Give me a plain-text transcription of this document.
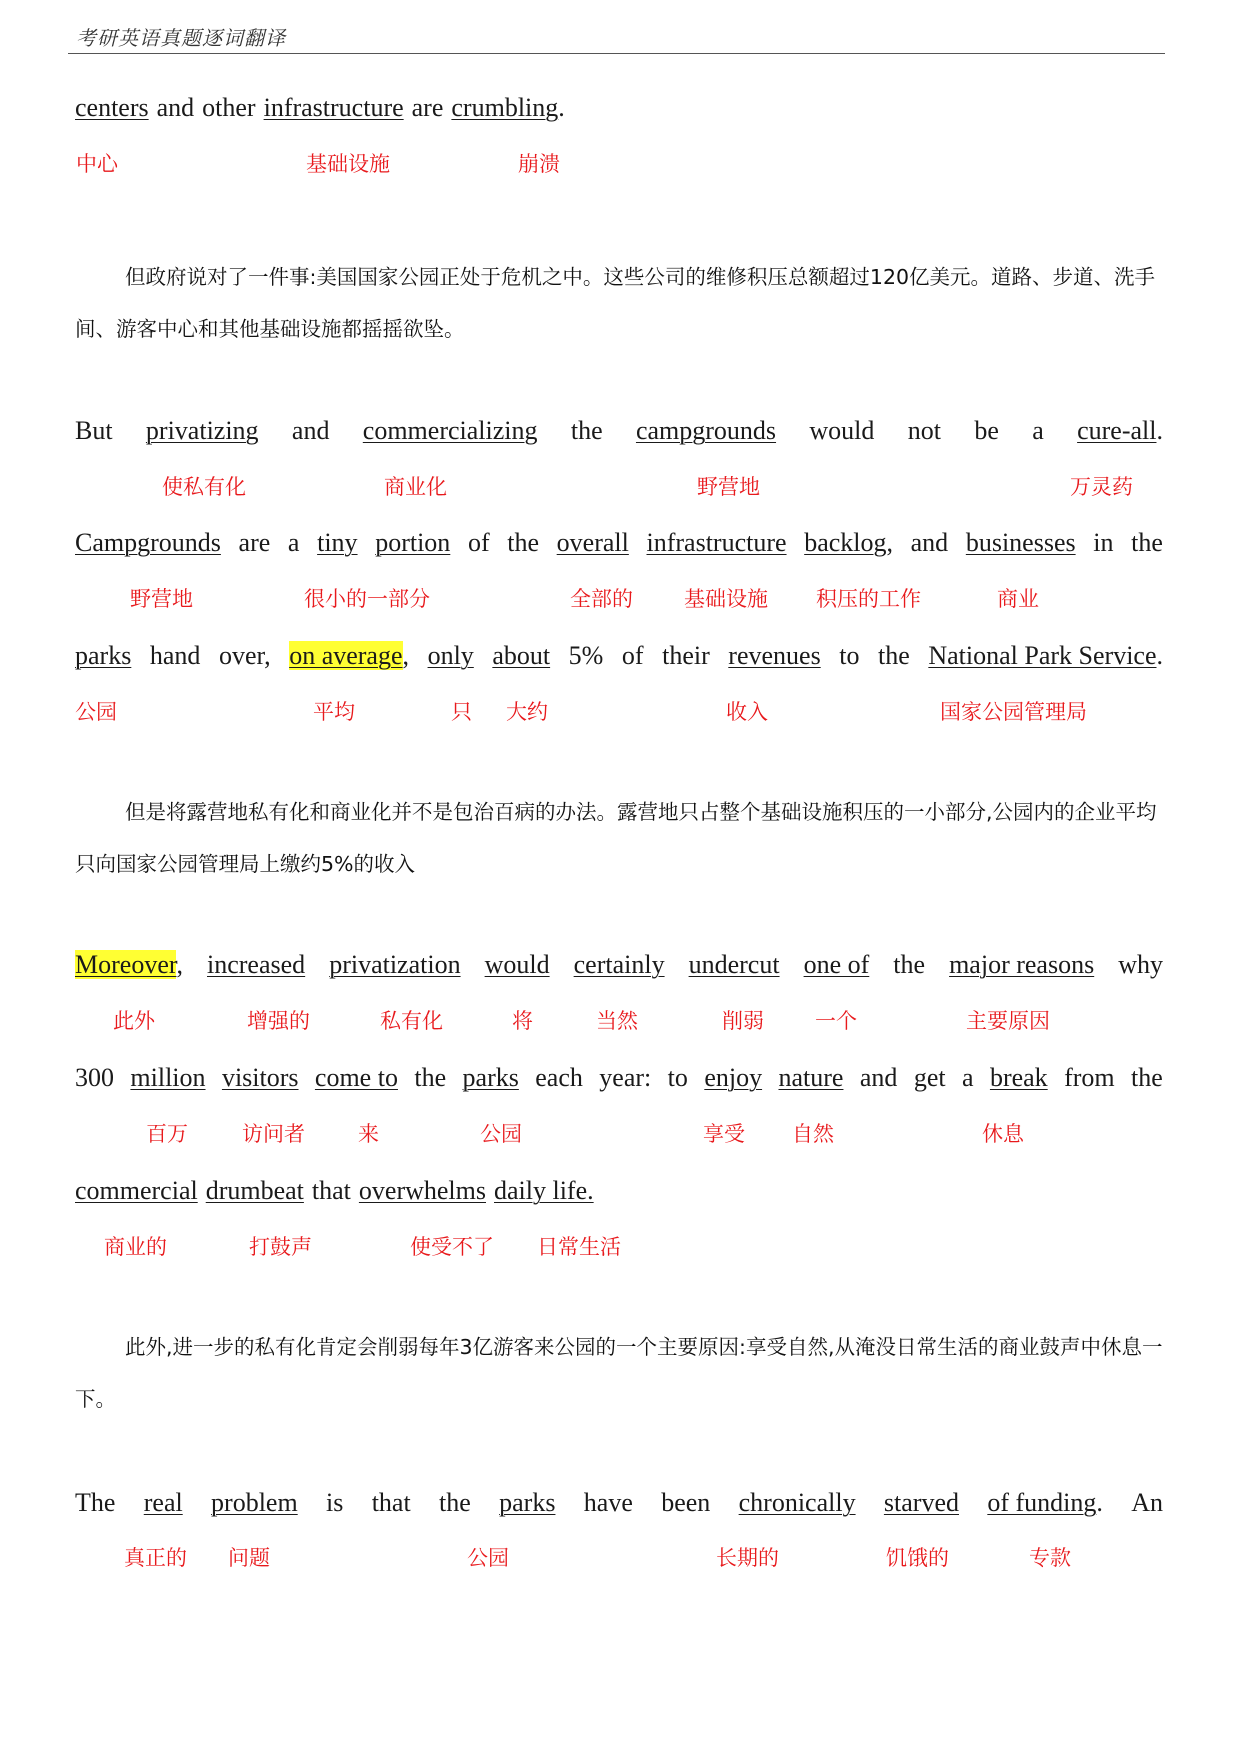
考研英语真题逐词翻译
centers and other infrastructure are crumbling.
但政府说对了一件事:美国国家公园正处于危机之中。这些公司的维修积压总额超过120亿美元。道路、步道、洗手间、游客中心和其他基础设施都摇摇欲坠。
But privatizing and commercializing the campgrounds would not be a cure-all.
Campgrounds are a tiny portion of the overall infrastructure backlog, and businesses in the
parks hand over, on average, only about 5% of their revenues to the National Park Service.
但是将露营地私有化和商业化并不是包治百病的办法。露营地只占整个基础设施积压的一小部分,公园内的企业平均只向国家公园管理局上缴约5%的收入
Moreover, increased privatization would certainly undercut one of the major reasons why
300 million visitors come to the parks each year: to enjoy nature and get a break from the
commercial drumbeat that overwhelms daily life.
此外,进一步的私有化肯定会削弱每年3亿游客来公园的一个主要原因:享受自然,从淹没日常生活的商业鼓声中休息一下。
The real problem is that the parks have been chronically starved of funding. An
中心	基础设施	崩溃
使私有化	商业化	野营地	万灵药
野营地	很小的一部分	全部的 基础设施 积压的工作	商业
公园	平均	只 大约	收入	国家公园管理局
此外	增强的	私有化	将	当然	削弱 一个	主要原因
百万	访问者	来	公园	享受 自然	休息
商业的	打鼓声	使受不了 日常生活
真正的 问题	公园	长期的	饥饿的	专款
